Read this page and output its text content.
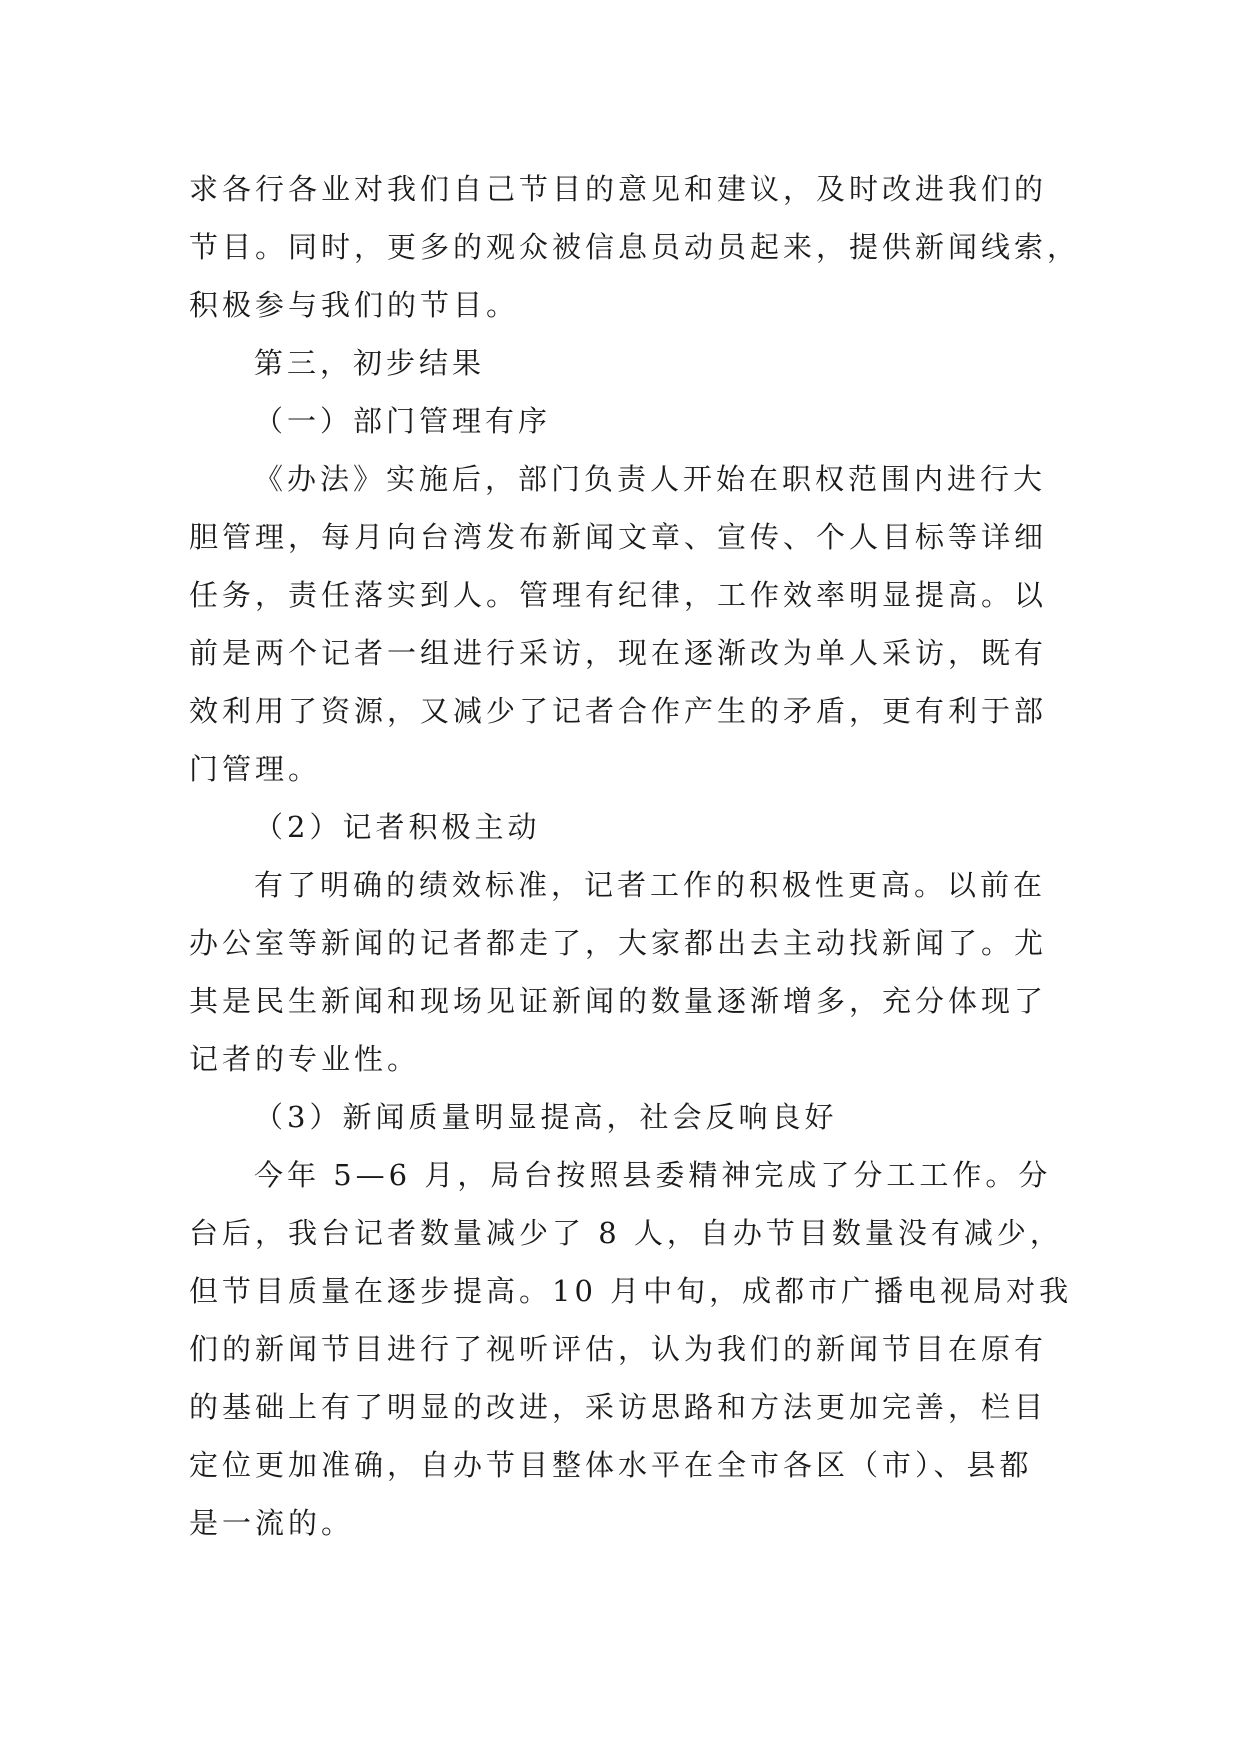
求各行各业对我们自己节目的意见和建议，及时改进我们的
节目。同时，更多的观众被信息员动员起来，提供新闻线索，
积极参与我们的节目。
第三，初步结果
（一）部门管理有序
《办法》实施后，部门负责人开始在职权范围内进行大
胆管理，每月向台湾发布新闻文章、宣传、个人目标等详细
任务，责任落实到人。管理有纪律，工作效率明显提高。以
前是两个记者一组进行采访，现在逐渐改为单人采访，既有
效利用了资源，又减少了记者合作产生的矛盾，更有利于部
门管理。
（2）记者积极主动
有了明确的绩效标准，记者工作的积极性更高。以前在
办公室等新闻的记者都走了，大家都出去主动找新闻了。尤
其是民生新闻和现场见证新闻的数量逐渐增多，充分体现了
记者的专业性。
（3）新闻质量明显提高，社会反响良好
今年 5—6 月，局台按照县委精神完成了分工工作。分
台后，我台记者数量减少了 8 人，自办节目数量没有减少，
但节目质量在逐步提高。10 月中旬，成都市广播电视局对我
们的新闻节目进行了视听评估，认为我们的新闻节目在原有
的基础上有了明显的改进，采访思路和方法更加完善，栏目
定位更加准确，自办节目整体水平在全市各区（市）、县都
是一流的。
